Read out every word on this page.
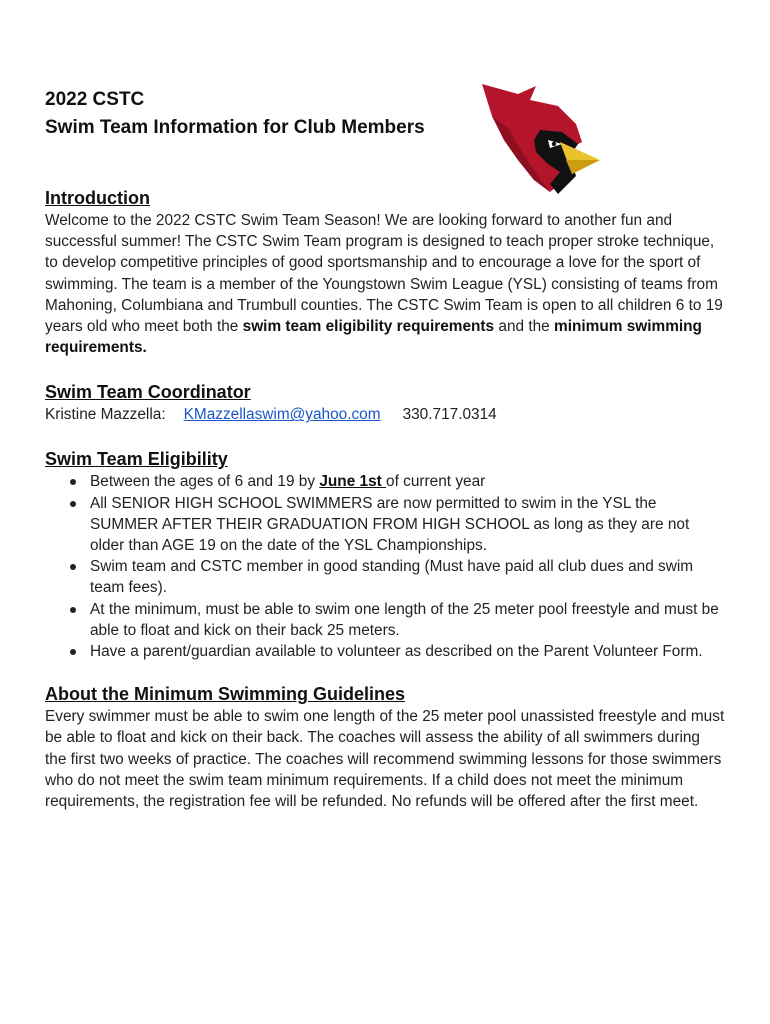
2022 CSTC

Swim Team Information for Club Members

Introduction

Welcome to the 2022 CSTC Swim Team Season! We are looking forward to another fun and successful summer! The CSTC Swim Team program is designed to teach proper stroke technique, to develop competitive principles of good sportsmanship and to encourage a love for the sport of swimming. The team is a member of the Youngstown Swim League (YSL) consisting of teams from Mahoning, Columbiana and Trumbull counties. The CSTC Swim Team is open to all children 6 to 19 years old who meet both the swim team eligibility requirements and the minimum swimming requirements.

Swim Team Coordinator

Kristine Mazzella: KMazzellaswim@yahoo.com 330.717.0314

Swim Team Eligibility

Between the ages of 6 and 19 by June 1st of current year
All SENIOR HIGH SCHOOL SWIMMERS are now permitted to swim in the YSL the SUMMER AFTER THEIR GRADUATION FROM HIGH SCHOOL as long as they are not older than AGE 19 on the date of the YSL Championships.
Swim team and CSTC member in good standing (Must have paid all club dues and swim team fees).
At the minimum, must be able to swim one length of the 25 meter pool freestyle and must be able to float and kick on their back 25 meters.
Have a parent/guardian available to volunteer as described on the Parent Volunteer Form.

About the Minimum Swimming Guidelines

Every swimmer must be able to swim one length of the 25 meter pool unassisted freestyle and must be able to float and kick on their back. The coaches will assess the ability of all swimmers during the first two weeks of practice. The coaches will recommend swimming lessons for those swimmers who do not meet the swim team minimum requirements. If a child does not meet the minimum requirements, the registration fee will be refunded. No refunds will be offered after the first meet.
